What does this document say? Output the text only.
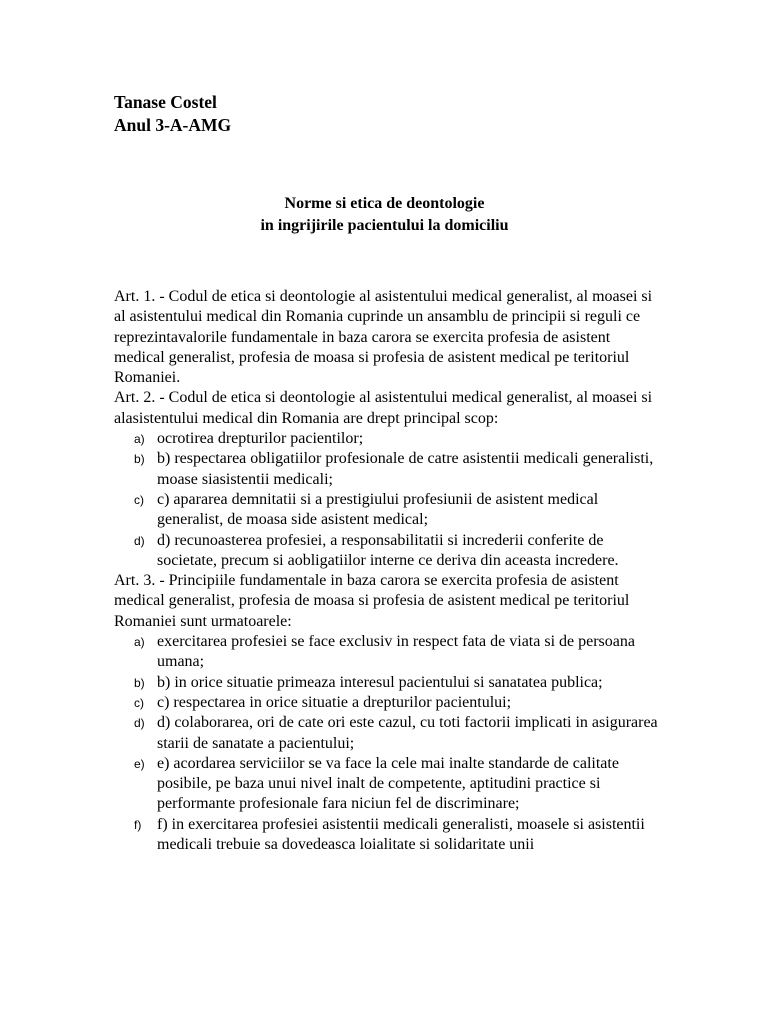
Tanase Costel
Anul 3-A-AMG
Norme si etica de deontologie
in ingrijirile pacientului la domiciliu

Art. 1. - Codul de etica si deontologie al asistentului medical generalist, al moasei si al asistentului medical din Romania cuprinde un ansamblu de principii si reguli ce reprezintavalorile fundamentale in baza carora se exercita profesia de asistent medical generalist, profesia de moasa si profesia de asistent medical pe teritoriul Romaniei.

Art. 2. - Codul de etica si deontologie al asistentului medical generalist, al moasei si alasistentului medical din Romania are drept principal scop:

a) ocrotirea drepturilor pacientilor;
b) b) respectarea obligatiilor profesionale de catre asistentii medicali generalisti, moase siasistentii medicali;
c) c) apararea demnitatii si a prestigiului profesiunii de asistent medical generalist, de moasa side asistent medical;
d) d) recunoasterea profesiei, a responsabilitatii si increderii conferite de societate, precum si aobligatiilor interne ce deriva din aceasta incredere.

Art. 3. - Principiile fundamentale in baza carora se exercita profesia de asistent medical generalist, profesia de moasa si profesia de asistent medical pe teritoriul Romaniei sunt urmatoarele:

a) exercitarea profesiei se face exclusiv in respect fata de viata si de persoana umana;
b) b) in orice situatie primeaza interesul pacientului si sanatatea publica;
c) c) respectarea in orice situatie a drepturilor pacientului;
d) d) colaborarea, ori de cate ori este cazul, cu toti factorii implicati in asigurarea starii de sanatate a pacientului;
e) e) acordarea serviciilor se va face la cele mai inalte standarde de calitate posibile, pe baza unui nivel inalt de competente, aptitudini practice si performante profesionale fara niciun fel de discriminare;
f) f) in exercitarea profesiei asistentii medicali generalisti, moasele si asistentii medicali trebuie sa dovedeasca loialitate si solidaritate unii
